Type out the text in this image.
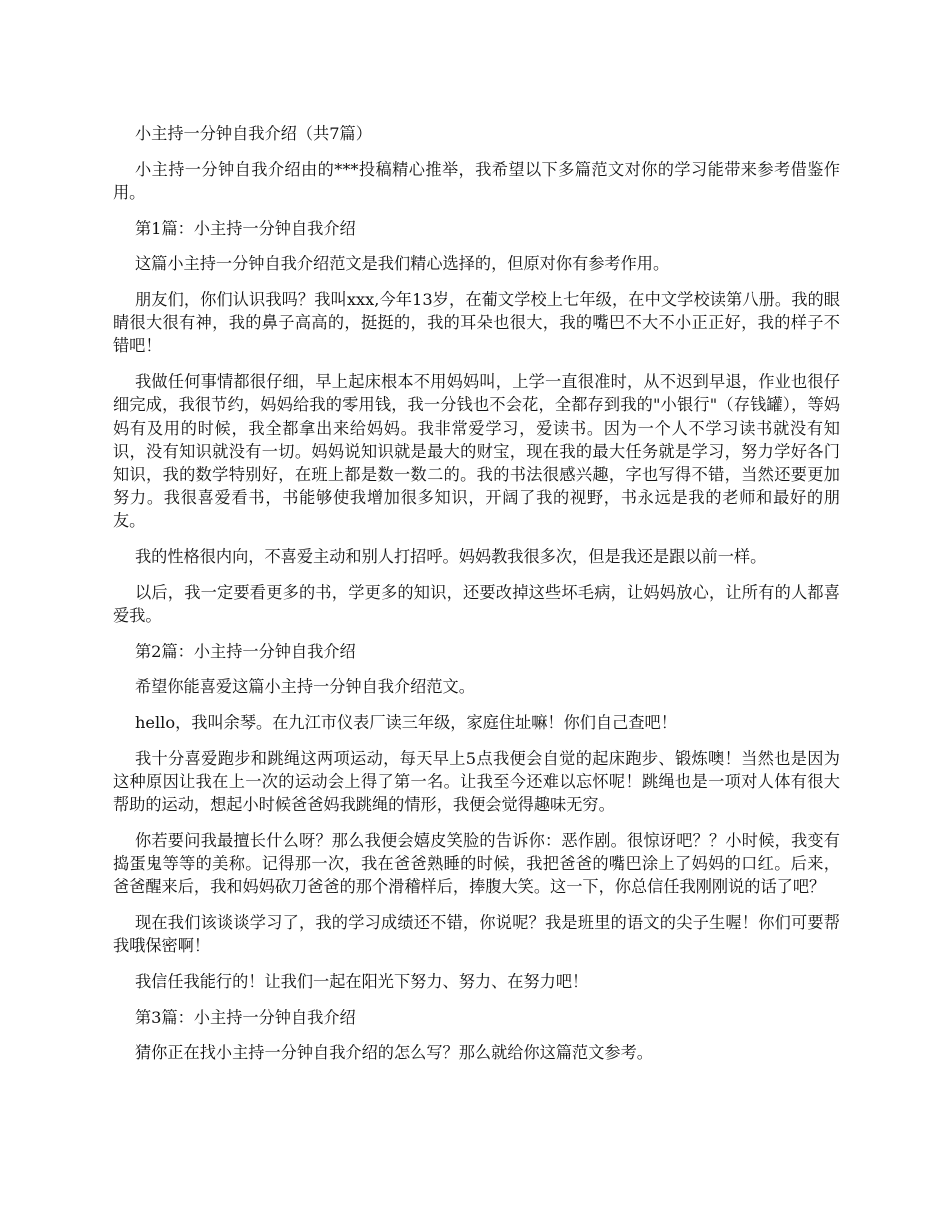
小主持一分钟自我介绍（共7篇）

小主持一分钟自我介绍由的***投稿精心推举，我希望以下多篇范文对你的学习能带来参考借鉴作用。

第1篇：小主持一分钟自我介绍

这篇小主持一分钟自我介绍范文是我们精心选择的，但原对你有参考作用。

朋友们，你们认识我吗？我叫xxx,今年13岁，在葡文学校上七年级，在中文学校读第八册。我的眼睛很大很有神，我的鼻子高高的，挺挺的，我的耳朵也很大，我的嘴巴不大不小正正好，我的样子不错吧！

我做任何事情都很仔细，早上起床根本不用妈妈叫，上学一直很准时，从不迟到早退，作业也很仔细完成，我很节约，妈妈给我的零用钱，我一分钱也不会花，全都存到我的"小银行"（存钱罐），等妈妈有及用的时候，我全都拿出来给妈妈。我非常爱学习，爱读书。因为一个人不学习读书就没有知识，没有知识就没有一切。妈妈说知识就是最大的财宝，现在我的最大任务就是学习，努力学好各门知识，我的数学特别好，在班上都是数一数二的。我的书法很感兴趣，字也写得不错，当然还要更加努力。我很喜爱看书，书能够使我增加很多知识，开阔了我的视野，书永远是我的老师和最好的朋友。

我的性格很内向，不喜爱主动和别人打招呼。妈妈教我很多次，但是我还是跟以前一样。

以后，我一定要看更多的书，学更多的知识，还要改掉这些坏毛病，让妈妈放心，让所有的人都喜爱我。

第2篇：小主持一分钟自我介绍

希望你能喜爱这篇小主持一分钟自我介绍范文。

hello，我叫余琴。在九江市仪表厂读三年级，家庭住址嘛！你们自己查吧！

我十分喜爱跑步和跳绳这两项运动，每天早上5点我便会自觉的起床跑步、锻炼噢！当然也是因为这种原因让我在上一次的运动会上得了第一名。让我至今还难以忘怀呢！跳绳也是一项对人体有很大帮助的运动，想起小时候爸爸妈我跳绳的情形，我便会觉得趣味无穷。

你若要问我最擅长什么呀？那么我便会嬉皮笑脸的告诉你：恶作剧。很惊讶吧？？小时候，我变有捣蛋鬼等等的美称。记得那一次，我在爸爸熟睡的时候，我把爸爸的嘴巴涂上了妈妈的口红。后来，爸爸醒来后，我和妈妈砍刀爸爸的那个滑稽样后，捧腹大笑。这一下，你总信任我刚刚说的话了吧？

现在我们该谈谈学习了，我的学习成绩还不错，你说呢？我是班里的语文的尖子生喔！你们可要帮我哦保密啊！

我信任我能行的！让我们一起在阳光下努力、努力、在努力吧！

第3篇：小主持一分钟自我介绍

猜你正在找小主持一分钟自我介绍的怎么写？那么就给你这篇范文参考。
